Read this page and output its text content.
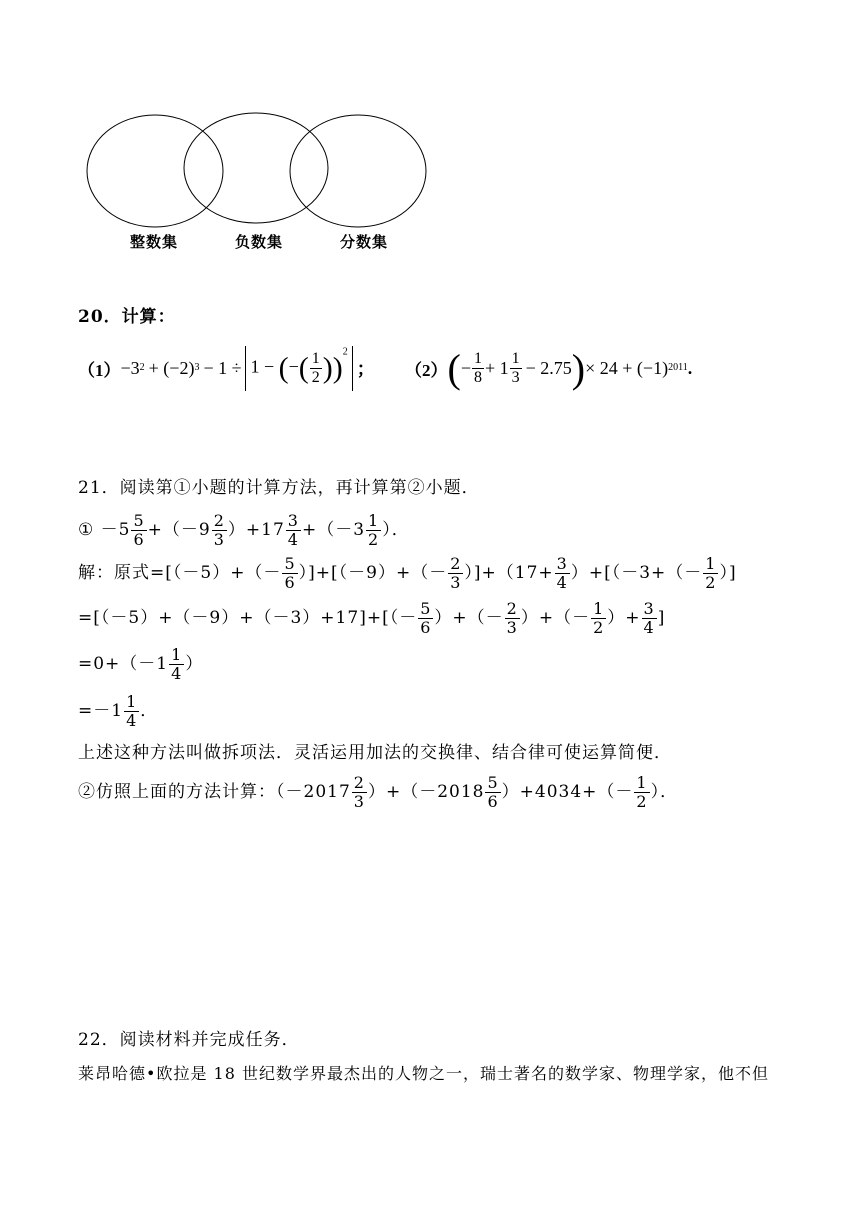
整数集	负数集	分数集
20．计算：
（1） −3 2 + (−2) 3 − 1 ÷ 1 − (−( $\frac{1}{2} ))^2$
； （2） ( − $\frac{1}{8} + 1 \frac{1}{3} - 2.75$ ) × 24 + (−1) 2011 .
21．阅读第①小题的计算方法，再计算第②小题．
① $-5 \frac{5}{6} +(-9 \frac{2}{3} )+17 \frac{3}{4} +(-3 \frac{1}{2}$ ）．
解：原式$=[(-5)+(- \frac{5}{6} )]+[(-9)+(- \frac{2}{3} )]+(17+ \frac{3}{4} )+[(-3+(- \frac{1}{2}$ ）]
$=[(-5)+(-9)+(-3)+17]+[(- \frac{5}{6}$ ）+（－ $\frac{2}{3}$ ）+（－ $\frac{1}{2}$ ）+ $\frac{3}{4}$ ]
$=0+(-1 \frac{1}{4}$ ）
$=-1 \frac{1}{4}$ ．
上述这种方法叫做拆项法．灵活运用加法的交换律、结合律可使运算简便．
②仿照上面的方法计算：$(-2017 \frac{2}{3} )+(-2018 \frac{5}{6} )+4034+(- \frac{1}{2}$ ）．
22．阅读材料并完成任务．
莱昂哈德•欧拉是 18 世纪数学界最杰出的人物之一，瑞士著名的数学家、物理学家，他不但
